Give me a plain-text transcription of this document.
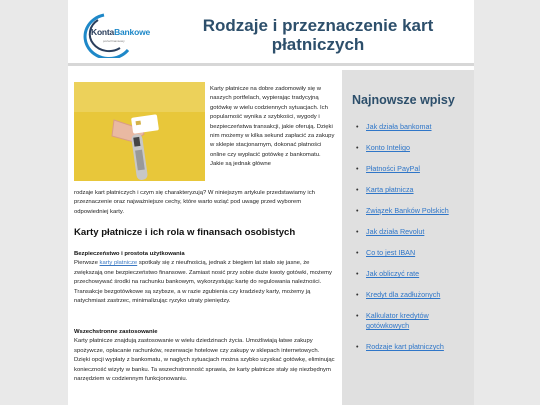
KontaBankowe
portal finansowy
Rodzaje i przeznaczenie kart płatniczych
Karty płatnicze na dobre zadomowiły się w naszych portfelach, wypierając tradycyjną gotówkę w wielu codziennych sytuacjach. Ich popularność wynika z szybkości, wygody i bezpieczeństwa transakcji, jakie oferują. Dzięki nim możemy w kilka sekund zapłacić za zakupy w sklepie stacjonarnym, dokonać płatności online czy wypłacić gotówkę z bankomatu. Jakie są jednak główne
rodzaje kart płatniczych i czym się charakteryzują? W niniejszym artykule przedstawiamy ich przeznaczenie oraz najważniejsze cechy, które warto wziąć pod uwagę przed wyborem odpowiedniej karty.
Karty płatnicze i ich rola w finansach osobistych
Bezpieczeństwo i prostota użytkowania
Pierwsze karty płatnicze spotkały się z nieufnością, jednak z biegiem lat stało się jasne, że zwiększają one bezpieczeństwo finansowe. Zamiast nosić przy sobie duże kwoty gotówki, możemy przechowywać środki na rachunku bankowym, wykorzystując kartę do regulowania należności. Transakcje bezgotówkowe są szybsze, a w razie zgubienia czy kradzieży karty, możemy ją natychmiast zastrzec, minimalizując ryzyko utraty pieniędzy.
Wszechstronne zastosowanie
Karty płatnicze znajdują zastosowanie w wielu dziedzinach życia. Umożliwiają łatwe zakupy spożywcze, opłacanie rachunków, rezerwacje hotelowe czy zakupy w sklepach internetowych. Dzięki opcji wypłaty z bankomatu, w nagłych sytuacjach można szybko uzyskać gotówkę, eliminując konieczność wizyty w banku. Ta wszechstronność sprawia, że karty płatnicze stały się niezbędnym narzędziem w codziennym funkcjonowaniu.
Najnowsze wpisy
• Jak działa bankomat
• Konto Inteligo
• Płatności PayPal
• Karta płatnicza
• Związek Banków Polskich
• Jak działa Revolut
• Co to jest IBAN
• Jak obliczyć rate
• Kredyt dla zadłużonych
• Kalkulator kredytów gotówkowych
• Rodzaje kart płatniczych
